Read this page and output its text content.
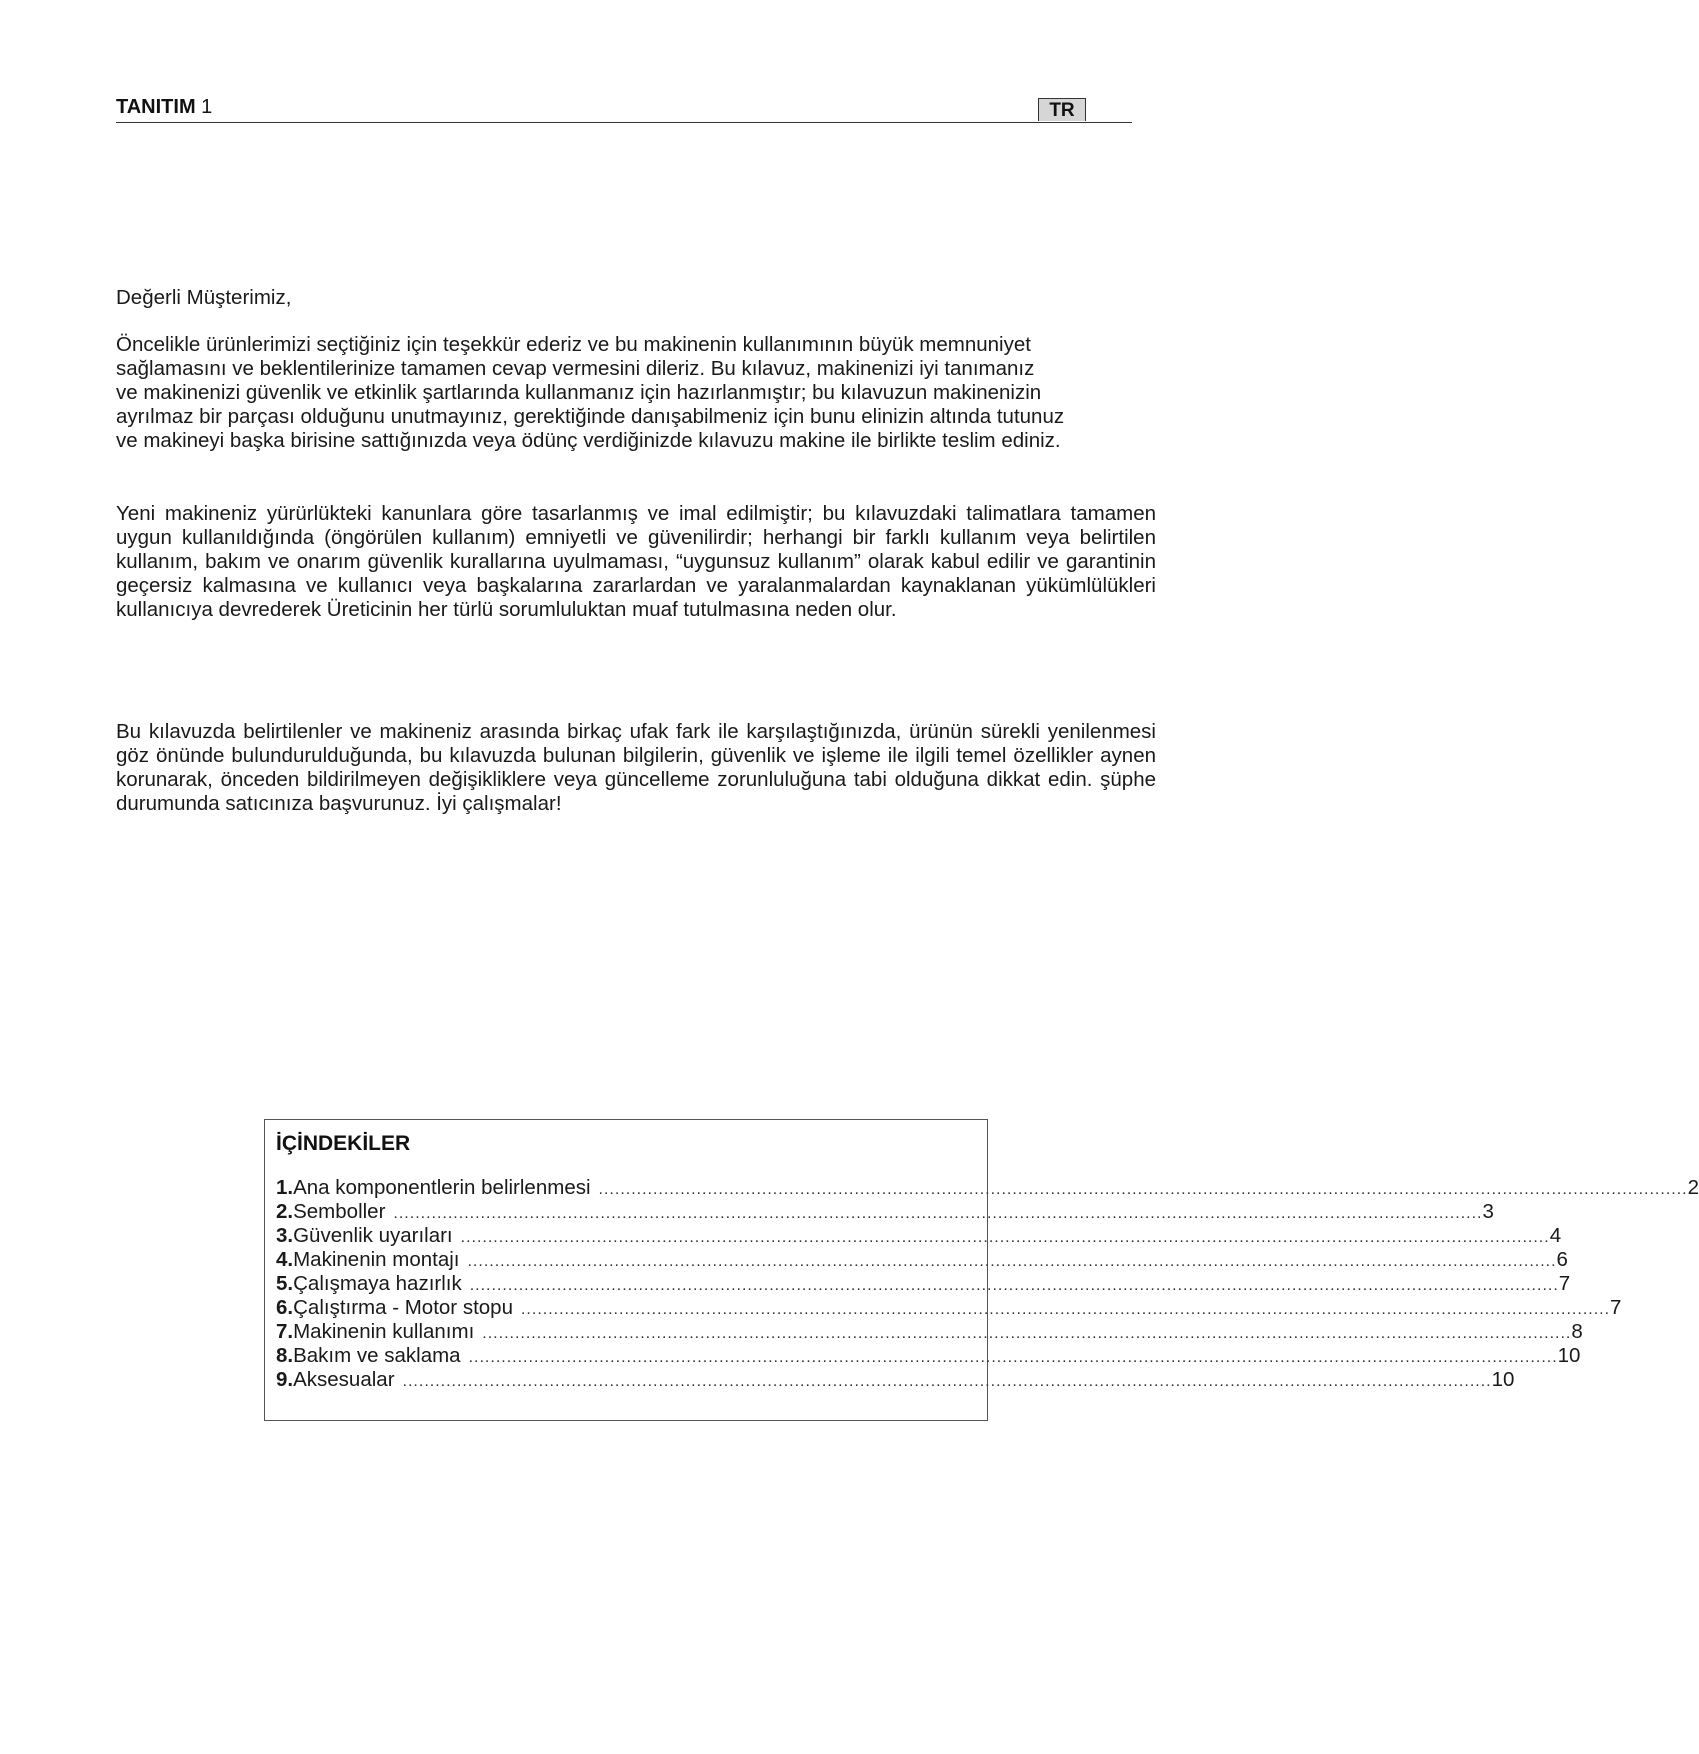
TANITIM 1	TR
Değerli Müşterimiz,
Öncelikle ürünlerimizi seçtiğiniz için teşekkür ederiz ve bu makinenin kullanımının büyük memnuniyet
sağlamasını ve beklentilerinize tamamen cevap vermesini dileriz. Bu kılavuz, makinenizi iyi tanımanız
ve makinenizi güvenlik ve etkinlik şartlarında kullanmanız için hazırlanmıştır; bu kılavuzun makinenizin
ayrılmaz bir parçası olduğunu unutmayınız, gerektiğinde danışabilmeniz için bunu elinizin altında tutunuz
ve makineyi başka birisine sattığınızda veya ödünç verdiğinizde kılavuzu makine ile birlikte teslim ediniz.
Yeni makineniz yürürlükteki kanunlara göre tasarlanmış ve imal edilmiştir; bu kılavuzdaki talimatlara tamamen uygun kullanıldığında (öngörülen kullanım) emniyetli ve güvenilirdir; herhangi bir farklı kullanım veya belirtilen kullanım, bakım ve onarım güvenlik kurallarına uyulmaması, “uygunsuz kullanım” olarak kabul edilir ve garantinin geçersiz kalmasına ve kullanıcı veya başkalarına zararlardan ve yaralanmalardan kaynaklanan yükümlülükleri kullanıcıya devrederek Üreticinin her türlü sorumluluktan muaf tutulmasına neden olur.
Bu kılavuzda belirtilenler ve makineniz arasında birkaç ufak fark ile karşılaştığınızda, ürünün sürekli yenilenmesi göz önünde bulundurulduğunda, bu kılavuzda bulunan bilgilerin, güvenlik ve işleme ile ilgili temel özellikler aynen korunarak, önceden bildirilmeyen değişikliklere veya güncelleme zorunluluğuna tabi olduğuna dikkat edin. şüphe durumunda satıcınıza başvurunuz. İyi çalışmalar!
İÇİNDEKİLER
1. Ana komponentlerin belirlenmesi ........................................................................................................................................................................................................ 2
2. Semboller ........................................................................................................................................................................................................ 3
3. Güvenlik uyarıları ........................................................................................................................................................................................................ 4
4. Makinenin montajı ........................................................................................................................................................................................................ 6
5. Çalışmaya hazırlık ........................................................................................................................................................................................................ 7
6. Çalıştırma - Motor stopu ........................................................................................................................................................................................................ 7
7. Makinenin kullanımı ........................................................................................................................................................................................................ 8
8. Bakım ve saklama ........................................................................................................................................................................................................ 10
9. Aksesualar ........................................................................................................................................................................................................ 10
